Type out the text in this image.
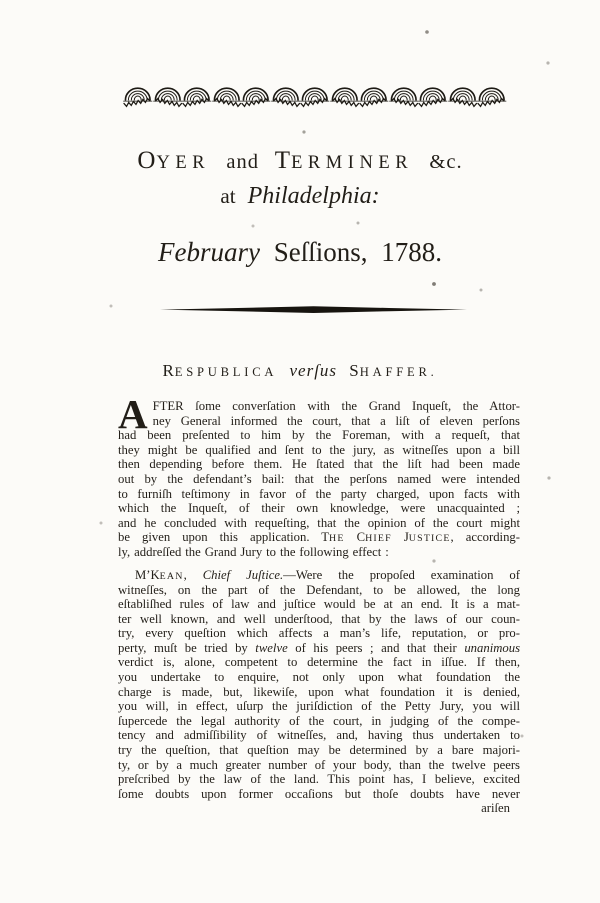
OYER and TERMINER &c.
at Philadelphia:
February Seſſions, 1788.
RESPUBLICA verſus SHAFFER.
A FTER ſome converſation with the Grand Inqueſt, the Attor-
ney General informed the court, that a liſt of eleven perſons
had been preſented to him by the Foreman, with a requeſt, that
they might be qualified and ſent to the jury, as witneſſes upon a bill
then depending before them. He ſtated that the liſt had been made
out by the defendant’s bail: that the perſons named were intended
to furniſh teſtimony in favor of the party charged, upon facts with
which the Inqueſt, of their own knowledge, were unacquainted ;
and he concluded with requeſting, that the opinion of the court might
be given upon this application. THE CHIEF JUSTICE, according-
ly, addreſſed the Grand Jury to the following effect :
M’KEAN, Chief Juſtice.—Were the propoſed examination of
witneſſes, on the part of the Defendant, to be allowed, the long
eſtabliſhed rules of law and juſtice would be at an end. It is a mat-
ter well known, and well underſtood, that by the laws of our coun-
try, every queſtion which affects a man’s life, reputation, or pro-
perty, muſt be tried by twelve of his peers ; and that their unanimous
verdict is, alone, competent to determine the fact in iſſue. If then,
you undertake to enquire, not only upon what foundation the
charge is made, but, likewiſe, upon what foundation it is denied,
you will, in effect, uſurp the juriſdiction of the Petty Jury, you will
ſupercede the legal authority of the court, in judging of the compe-
tency and admiſſibility of witneſſes, and, having thus undertaken to
try the queſtion, that queſtion may be determined by a bare majori-
ty, or by a much greater number of your body, than the twelve peers
preſcribed by the law of the land. This point has, I believe, excited
ſome doubts upon former occaſions but thoſe doubts have never
ariſen
